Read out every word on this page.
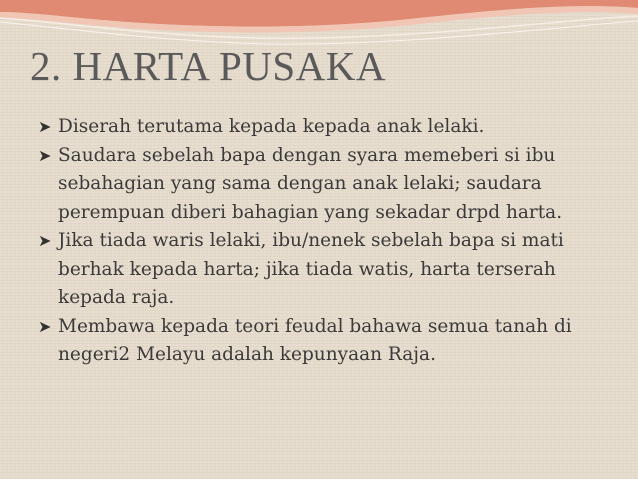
2. HARTA PUSAKA
➤ Diserah terutama kepada kepada anak lelaki.
➤ Saudara sebelah bapa dengan syara memeberi si ibu sebahagian yang sama dengan anak lelaki; saudara perempuan diberi bahagian yang sekadar drpd harta.
➤ Jika tiada waris lelaki, ibu/nenek sebelah bapa si mati berhak kepada harta; jika tiada watis, harta terserah kepada raja.
➤ Membawa kepada teori feudal bahawa semua tanah di negeri2 Melayu adalah kepunyaan Raja.
